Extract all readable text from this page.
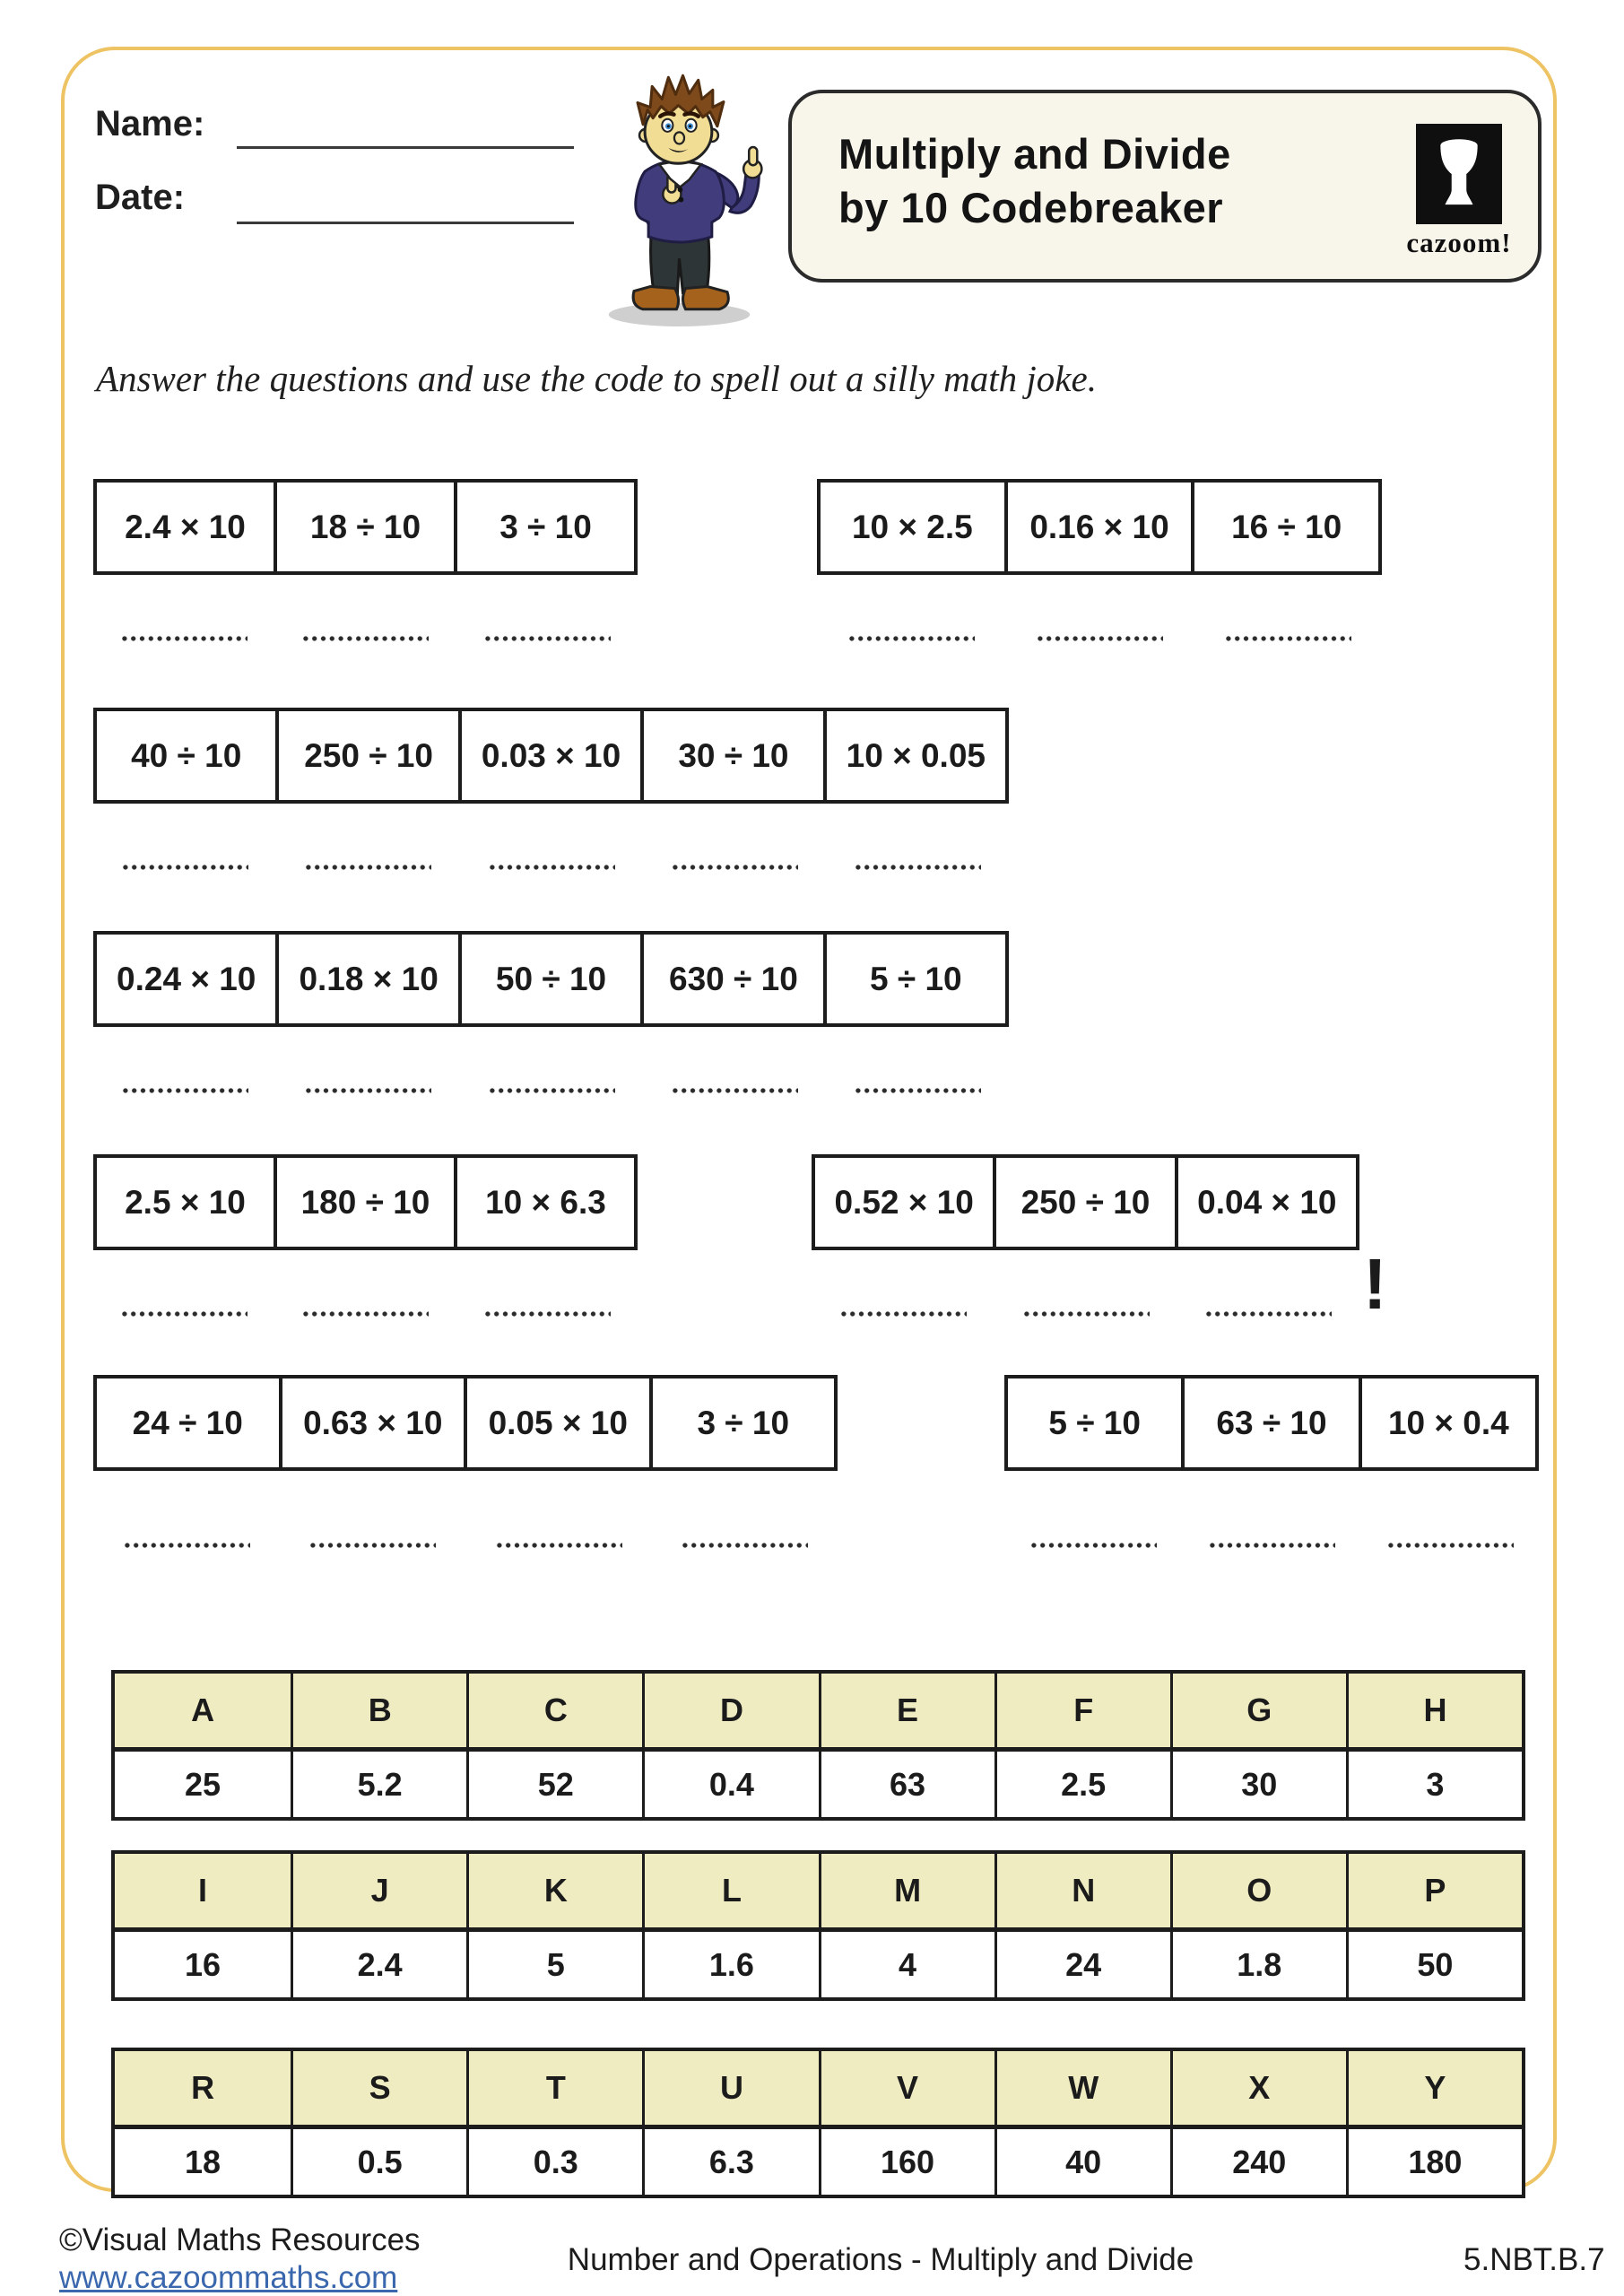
Name:
Date:
Multiply and Divide
by 10 Codebreaker
cazoom!
Answer the questions and use the code to spell out a silly math joke.
2.4 × 10	18 ÷ 10	3 ÷ 10	10 × 2.5	0.16 × 10	16 ÷ 10
40 ÷ 10	250 ÷ 10	0.03 × 10	30 ÷ 10	10 × 0.05
0.24 × 10	0.18 × 10	50 ÷ 10	630 ÷ 10	5 ÷ 10
2.5 × 10	180 ÷ 10	10 × 6.3	0.52 × 10	250 ÷ 10	0.04 × 10
!
24 ÷ 10	0.63 × 10	0.05 × 10	3 ÷ 10	5 ÷ 10	63 ÷ 10	10 × 0.4
A	B	C	D	E	F	G	H
25	5.2	52	0.4	63	2.5	30	3
I	J	K	L	M	N	O	P
16	2.4	5	1.6	4	24	1.8	50
R	S	T	U	V	W	X	Y
18	0.5	0.3	6.3	160	40	240	180
©Visual Maths Resources
www.cazoommaths.com
Number and Operations - Multiply and Divide	5.NBT.B.7
